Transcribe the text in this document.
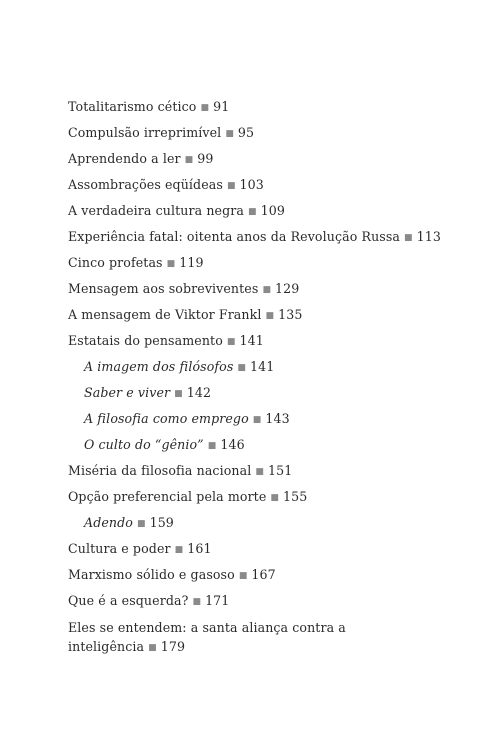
Totalitarismo cético ■ 91
Compulsão irreprimível ■ 95
Aprendendo a ler ■ 99
Assombrações eqüídeas ■ 103
A verdadeira cultura negra ■ 109
Experiência fatal: oitenta anos da Revolução Russa ■ 113
Cinco profetas ■ 119
Mensagem aos sobreviventes ■ 129
A mensagem de Viktor Frankl ■ 135
Estatais do pensamento ■ 141
A imagem dos filósofos ■ 141
Saber e viver ■ 142
A filosofia como emprego ■ 143
O culto do “gênio” ■ 146
Miséria da filosofia nacional ■ 151
Opção preferencial pela morte ■ 155
Adendo ■ 159
Cultura e poder ■ 161
Marxismo sólido e gasoso ■ 167
Que é a esquerda? ■ 171
Eles se entendem: a santa aliança contra a inteligência ■ 179
